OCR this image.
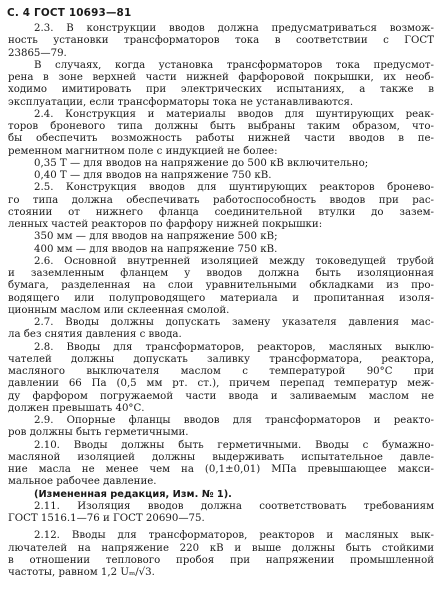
С. 4 ГОСТ 10693—81
2.3. В конструкции вводов должна предусматриваться возмож-
ность установки трансформаторов тока в соответствии с ГОСТ
23865—79.
В случаях, когда установка трансформаторов тока предусмот-
рена в зоне верхней части нижней фарфоровой покрышки, их необ-
ходимо имитировать при электрических испытаниях, а также в
эксплуатации, если трансформаторы тока не устанавливаются.
2.4. Конструкция и материалы вводов для шунтирующих реак-
торов броневого типа должны быть выбраны таким образом, что-
бы обеспечить возможность работы нижней части вводов в пе-
ременном магнитном поле с индукцией не более:
0,35 Т — для вводов на напряжение до 500 кВ включительно;
0,40 Т — для вводов на напряжение 750 кВ.
2.5. Конструкция вводов для шунтирующих реакторов бронево-
го типа должна обеспечивать работоспособность вводов при рас-
стоянии от нижнего фланца соединительной втулки до зазем-
ленных частей реакторов по фарфору нижней покрышки:
350 мм — для вводов на напряжение 500 кВ;
400 мм — для вводов на напряжение 750 кВ.
2.6. Основной внутренней изоляцией между токоведущей трубой
и заземленным фланцем у вводов должна быть изоляционная
бумага, разделенная на слои уравнительными обкладками из про-
водящего или полупроводящего материала и пропитанная изоля-
ционным маслом или склеенная смолой.
2.7. Вводы должны допускать замену указателя давления мас-
ла без снятия давления с ввода.
2.8. Вводы для трансформаторов, реакторов, масляных выклю-
чателей должны допускать заливку трансформатора, реактора,
масляного выключателя маслом с температурой 90°С при
давлении 66 Па (0,5 мм рт. ст.), причем перепад температур меж-
ду фарфором погружаемой части ввода и заливаемым маслом не
должен превышать 40°С.
2.9. Опорные фланцы вводов для трансформаторов и реакто-
ров должны быть герметичными.
2.10. Вводы должны быть герметичными. Вводы с бумажно-
масляной изоляцией должны выдерживать испытательное давле-
ние масла не менее чем на (0,1±0,01) МПа превышающее макси-
мальное рабочее давление.
(Измененная редакция, Изм. № 1).
2.11. Изоляция вводов должна соответствовать требованиям
ГОСТ 1516.1—76 и ГОСТ 20690—75.
2.12. Вводы для трансформаторов, реакторов и масляных вык-
лючателей на напряжение 220 кВ и выше должны быть стойкими
в отношении теплового пробоя при напряжении промышленной
частоты, равном 1,2 Uₘ/√3.
